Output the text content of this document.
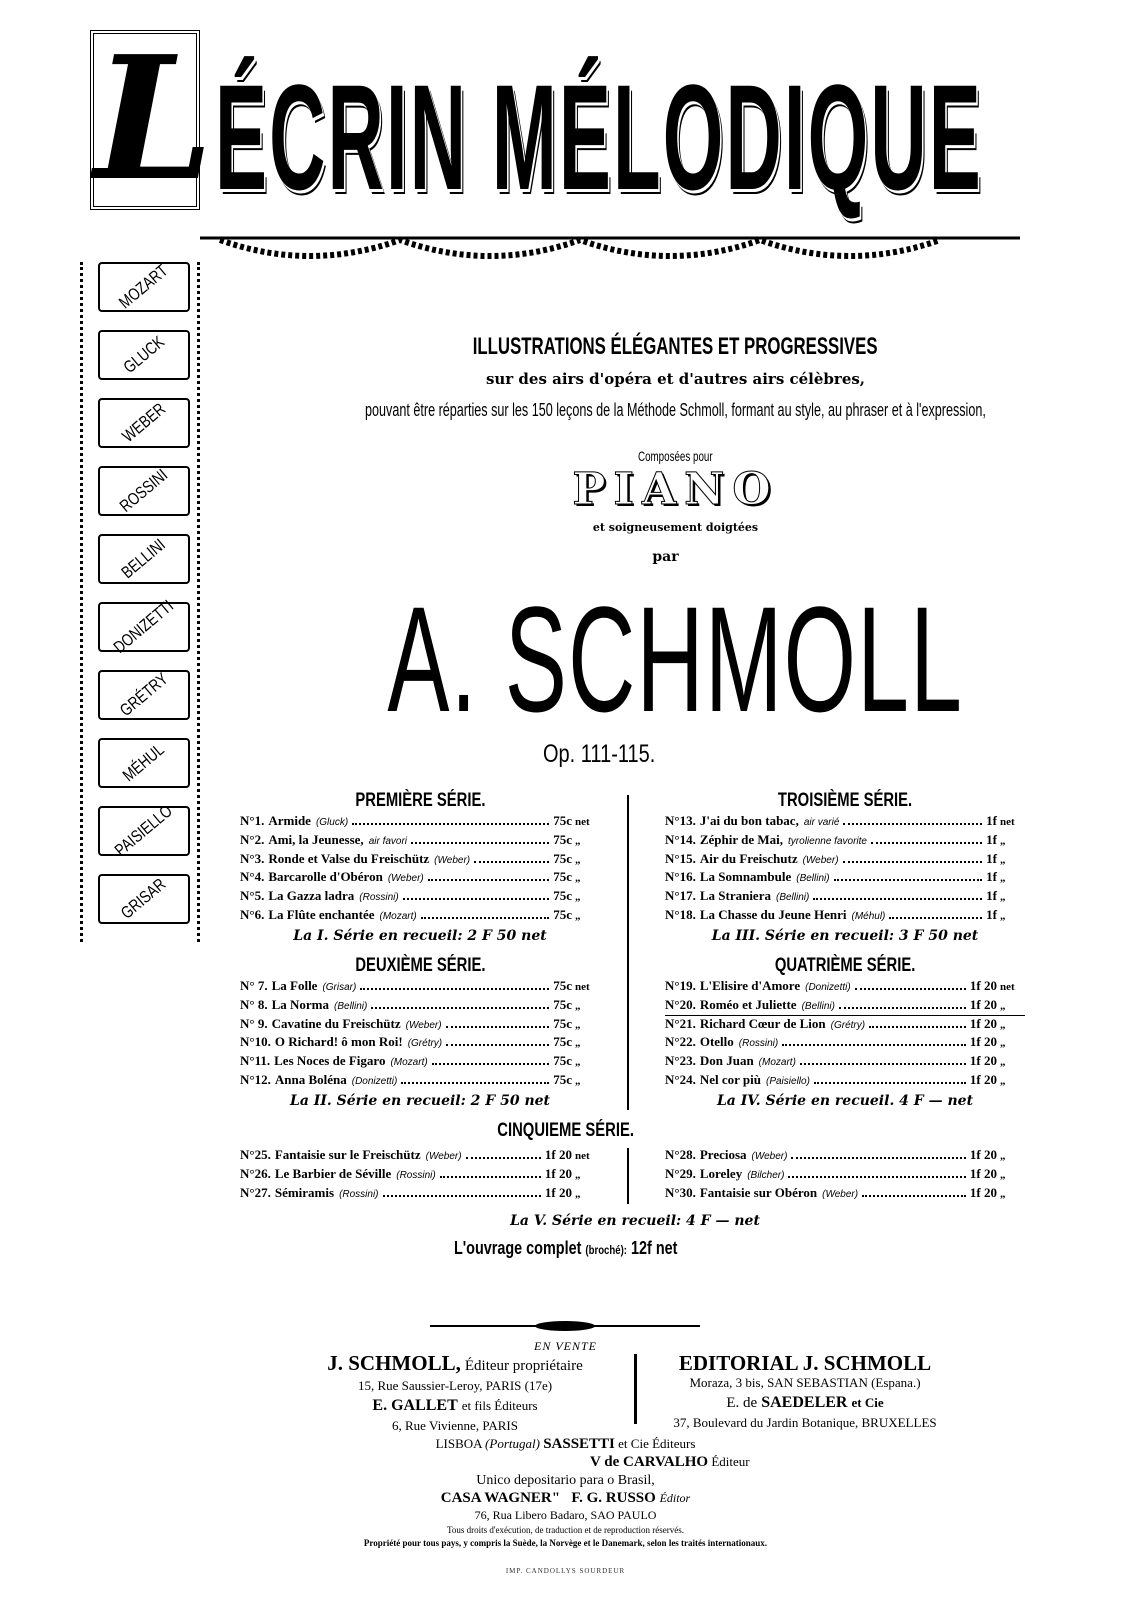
L ÉCRIN MÉLODIQUE
MOZART
GLUCK
WEBER
ROSSINI
BELLINI
DONIZETTI
GRÉTRY
MÉHUL
PAISIELLO
GRISAR
ILLUSTRATIONS ÉLÉGANTES ET PROGRESSIVES
sur des airs d'opéra et d'autres airs célèbres,
pouvant être réparties sur les 150 leçons de la Méthode Schmoll, formant au style, au phraser et à l'expression,
Composées pour
PIANO
et soigneusement doigtées
par
A. SCHMOLL
Op. 111-115.
PREMIÈRE SÉRIE.
N°1. Armide (Gluck)	75c net
N°2. Ami, la Jeunesse, air favori	75c „
N°3. Ronde et Valse du Freischütz (Weber)	75c „
N°4. Barcarolle d'Obéron (Weber)	75c „
N°5. La Gazza ladra (Rossini)	75c „
N°6. La Flûte enchantée (Mozart)	75c „
La I. Série en recueil: 2 F 50 net
DEUXIÈME SÉRIE.
N° 7. La Folle (Grisar)	75c net
N° 8. La Norma (Bellini)	75c „
N° 9. Cavatine du Freischütz (Weber)	75c „
N°10. O Richard! ô mon Roi! (Grétry)	75c „
N°11. Les Noces de Figaro (Mozart)	75c „
N°12. Anna Boléna (Donizetti)	75c „
La II. Série en recueil: 2 F 50 net
TROISIÈME SÉRIE.
N°13. J'ai du bon tabac, air varié	1f net
N°14. Zéphir de Mai, tyrolienne favorite	1f „
N°15. Air du Freischutz (Weber)	1f „
N°16. La Somnambule (Bellini)	1f „
N°17. La Straniera (Bellini)	1f „
N°18. La Chasse du Jeune Henri (Méhul)	1f „
La III. Série en recueil: 3 F 50 net
QUATRIÈME SÉRIE.
N°19. L'Elisire d'Amore (Donizetti)	1f 20 net
N°20. Roméo et Juliette (Bellini)	1f 20 „
N°21. Richard Cœur de Lion (Grétry)	1f 20 „
N°22. Otello (Rossini)	1f 20 „
N°23. Don Juan (Mozart)	1f 20 „
N°24. Nel cor più (Paisiello)	1f 20 „
La IV. Série en recueil. 4 F — net
CINQUIEME SÉRIE.
N°25. Fantaisie sur le Freischütz (Weber)	1f 20 net
N°26. Le Barbier de Séville (Rossini)	1f 20 „
N°27. Sémiramis (Rossini)	1f 20 „
N°28. Preciosa (Weber)	1f 20 „
N°29. Loreley (Bilcher)	1f 20 „
N°30. Fantaisie sur Obéron (Weber)	1f 20 „
La V. Série en recueil: 4 F — net
L'ouvrage complet (broché): 12f net
EN VENTE
J. SCHMOLL, Éditeur propriétaire
15, Rue Saussier-Leroy, PARIS (17e)
E. GALLET et fils Éditeurs
6, Rue Vivienne, PARIS
EDITORIAL J. SCHMOLL
Moraza, 3 bis, SAN SEBASTIAN (Espana.)
E. de SAEDELER et Cie
37, Boulevard du Jardin Botanique, BRUXELLES
LISBOA (Portugal) SASSETTI et Cie Éditeurs
V de CARVALHO Éditeur
Unico depositario para o Brasil,
CASA WAGNER" F. G. RUSSO Éditor
76, Rua Libero Badaro, SAO PAULO
Tous droits d'exécution, de traduction et de reproduction réservés.
Propriété pour tous pays, y compris la Suède, la Norvège et le Danemark, selon les traités internationaux.
IMP. CANDOLLYS SOURDEUR
